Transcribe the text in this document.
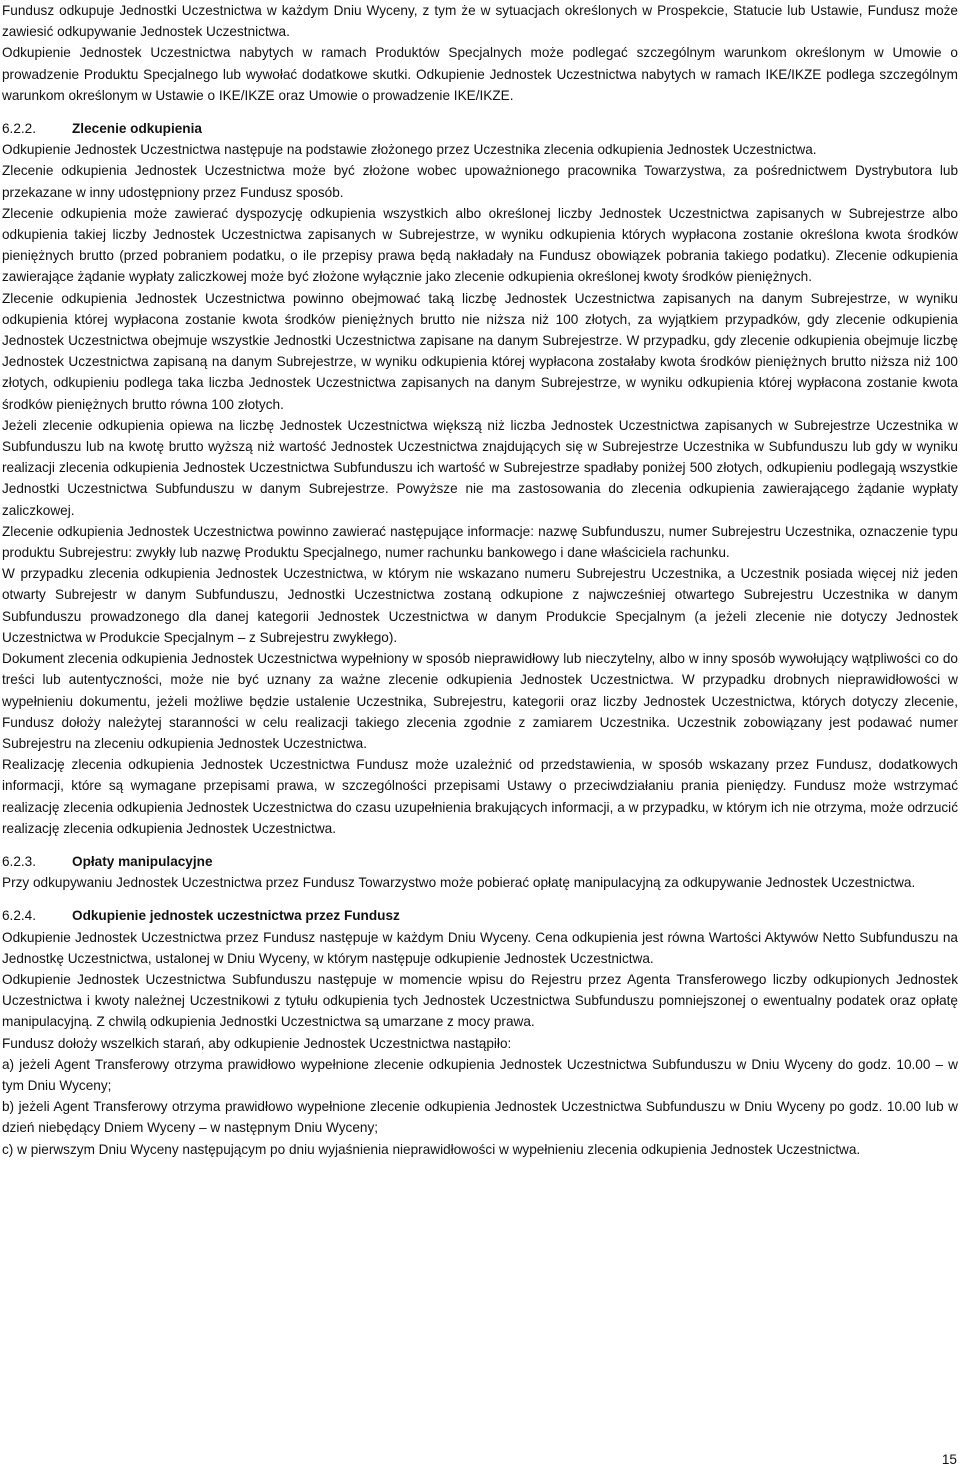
Fundusz odkupuje Jednostki Uczestnictwa w każdym Dniu Wyceny, z tym że w sytuacjach określonych w Prospekcie, Statucie lub Ustawie, Fundusz może zawiesić odkupywanie Jednostek Uczestnictwa.

Odkupienie Jednostek Uczestnictwa nabytych w ramach Produktów Specjalnych może podlegać szczególnym warunkom określonym w Umowie o prowadzenie Produktu Specjalnego lub wywołać dodatkowe skutki. Odkupienie Jednostek Uczestnictwa nabytych w ramach IKE/IKZE podlega szczególnym warunkom określonym w Ustawie o IKE/IKZE oraz Umowie o prowadzenie IKE/IKZE.

6.2.2.	Zlecenie odkupienia

Odkupienie Jednostek Uczestnictwa następuje na podstawie złożonego przez Uczestnika zlecenia odkupienia Jednostek Uczestnictwa.

Zlecenie odkupienia Jednostek Uczestnictwa może być złożone wobec upoważnionego pracownika Towarzystwa, za pośrednictwem Dystrybutora lub przekazane w inny udostępniony przez Fundusz sposób.

Zlecenie odkupienia może zawierać dyspozycję odkupienia wszystkich albo określonej liczby Jednostek Uczestnictwa zapisanych w Subrejestrze albo odkupienia takiej liczby Jednostek Uczestnictwa zapisanych w Subrejestrze, w wyniku odkupienia których wypłacona zostanie określona kwota środków pieniężnych brutto (przed pobraniem podatku, o ile przepisy prawa będą nakładały na Fundusz obowiązek pobrania takiego podatku). Zlecenie odkupienia zawierające żądanie wypłaty zaliczkowej może być złożone wyłącznie jako zlecenie odkupienia określonej kwoty środków pieniężnych.

Zlecenie odkupienia Jednostek Uczestnictwa powinno obejmować taką liczbę Jednostek Uczestnictwa zapisanych na danym Subrejestrze, w wyniku odkupienia której wypłacona zostanie kwota środków pieniężnych brutto nie niższa niż 100 złotych, za wyjątkiem przypadków, gdy zlecenie odkupienia Jednostek Uczestnictwa obejmuje wszystkie Jednostki Uczestnictwa zapisane na danym Subrejestrze. W przypadku, gdy zlecenie odkupienia obejmuje liczbę Jednostek Uczestnictwa zapisaną na danym Subrejestrze, w wyniku odkupienia której wypłacona zostałaby kwota środków pieniężnych brutto niższa niż 100 złotych, odkupieniu podlega taka liczba Jednostek Uczestnictwa zapisanych na danym Subrejestrze, w wyniku odkupienia której wypłacona zostanie kwota środków pieniężnych brutto równa 100 złotych.

Jeżeli zlecenie odkupienia opiewa na liczbę Jednostek Uczestnictwa większą niż liczba Jednostek Uczestnictwa zapisanych w Subrejestrze Uczestnika w Subfunduszu lub na kwotę brutto wyższą niż wartość Jednostek Uczestnictwa znajdujących się w Subrejestrze Uczestnika w Subfunduszu lub gdy w wyniku realizacji zlecenia odkupienia Jednostek Uczestnictwa Subfunduszu ich wartość w Subrejestrze spadłaby poniżej 500 złotych, odkupieniu podlegają wszystkie Jednostki Uczestnictwa Subfunduszu w danym Subrejestrze. Powyższe nie ma zastosowania do zlecenia odkupienia zawierającego żądanie wypłaty zaliczkowej.

Zlecenie odkupienia Jednostek Uczestnictwa powinno zawierać następujące informacje: nazwę Subfunduszu, numer Subrejestru Uczestnika, oznaczenie typu produktu Subrejestru: zwykły lub nazwę Produktu Specjalnego, numer rachunku bankowego i dane właściciela rachunku.

W przypadku zlecenia odkupienia Jednostek Uczestnictwa, w którym nie wskazano numeru Subrejestru Uczestnika, a Uczestnik posiada więcej niż jeden otwarty Subrejestr w danym Subfunduszu, Jednostki Uczestnictwa zostaną odkupione z najwcześniej otwartego Subrejestru Uczestnika w danym Subfunduszu prowadzonego dla danej kategorii Jednostek Uczestnictwa w danym Produkcie Specjalnym (a jeżeli zlecenie nie dotyczy Jednostek Uczestnictwa w Produkcie Specjalnym – z Subrejestru zwykłego).

Dokument zlecenia odkupienia Jednostek Uczestnictwa wypełniony w sposób nieprawidłowy lub nieczytelny, albo w inny sposób wywołujący wątpliwości co do treści lub autentyczności, może nie być uznany za ważne zlecenie odkupienia Jednostek Uczestnictwa. W przypadku drobnych nieprawidłowości w wypełnieniu dokumentu, jeżeli możliwe będzie ustalenie Uczestnika, Subrejestru, kategorii oraz liczby Jednostek Uczestnictwa, których dotyczy zlecenie, Fundusz dołoży należytej staranności w celu realizacji takiego zlecenia zgodnie z zamiarem Uczestnika. Uczestnik zobowiązany jest podawać numer Subrejestru na zleceniu odkupienia Jednostek Uczestnictwa.

Realizację zlecenia odkupienia Jednostek Uczestnictwa Fundusz może uzależnić od przedstawienia, w sposób wskazany przez Fundusz, dodatkowych informacji, które są wymagane przepisami prawa, w szczególności przepisami Ustawy o przeciwdziałaniu prania pieniędzy. Fundusz może wstrzymać realizację zlecenia odkupienia Jednostek Uczestnictwa do czasu uzupełnienia brakujących informacji, a w przypadku, w którym ich nie otrzyma, może odrzucić realizację zlecenia odkupienia Jednostek Uczestnictwa.

6.2.3.	Opłaty manipulacyjne

Przy odkupywaniu Jednostek Uczestnictwa przez Fundusz Towarzystwo może pobierać opłatę manipulacyjną za odkupywanie Jednostek Uczestnictwa.

6.2.4.	Odkupienie jednostek uczestnictwa przez Fundusz

Odkupienie Jednostek Uczestnictwa przez Fundusz następuje w każdym Dniu Wyceny. Cena odkupienia jest równa Wartości Aktywów Netto Subfunduszu na Jednostkę Uczestnictwa, ustalonej w Dniu Wyceny, w którym następuje odkupienie Jednostek Uczestnictwa.

Odkupienie Jednostek Uczestnictwa Subfunduszu następuje w momencie wpisu do Rejestru przez Agenta Transferowego liczby odkupionych Jednostek Uczestnictwa i kwoty należnej Uczestnikowi z tytułu odkupienia tych Jednostek Uczestnictwa Subfunduszu pomniejszonej o ewentualny podatek oraz opłatę manipulacyjną. Z chwilą odkupienia Jednostki Uczestnictwa są umarzane z mocy prawa.

Fundusz dołoży wszelkich starań, aby odkupienie Jednostek Uczestnictwa nastąpiło:

a) jeżeli Agent Transferowy otrzyma prawidłowo wypełnione zlecenie odkupienia Jednostek Uczestnictwa Subfunduszu w Dniu Wyceny do godz. 10.00 – w tym Dniu Wyceny;

b) jeżeli Agent Transferowy otrzyma prawidłowo wypełnione zlecenie odkupienia Jednostek Uczestnictwa Subfunduszu w Dniu Wyceny po godz. 10.00 lub w dzień niebędący Dniem Wyceny – w następnym Dniu Wyceny;

c) w pierwszym Dniu Wyceny następującym po dniu wyjaśnienia nieprawidłowości w wypełnieniu zlecenia odkupienia Jednostek Uczestnictwa.

15
